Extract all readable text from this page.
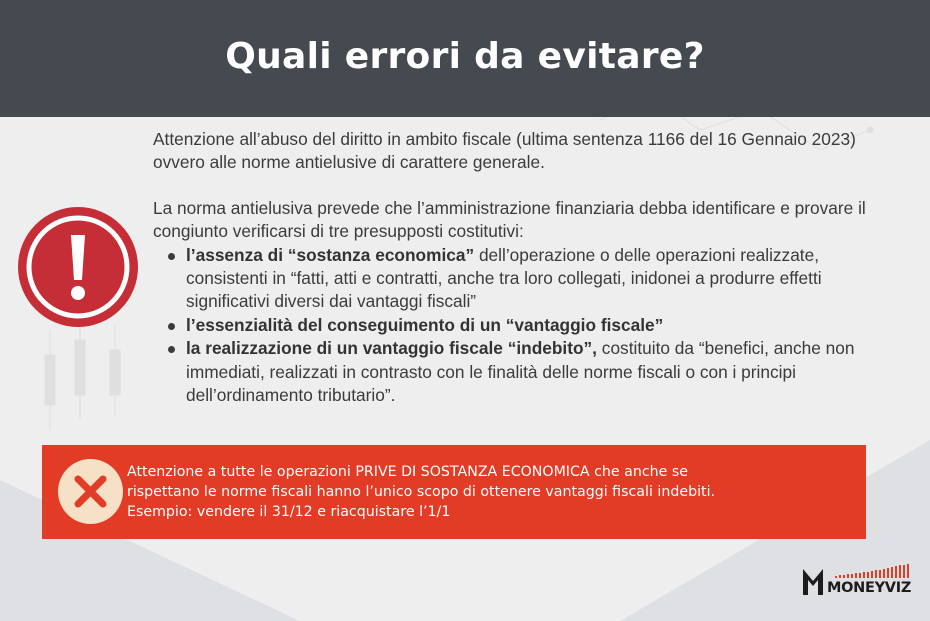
Quali errori da evitare?

Attenzione all’abuso del diritto in ambito fiscale (ultima sentenza 1166 del 16 Gennaio 2023) ovvero alle norme antielusive di carattere generale.

La norma antielusiva prevede che l’amministrazione finanziaria debba identificare e provare il congiunto verificarsi di tre presupposti costitutivi:

l’assenza di “sostanza economica” dell’operazione o delle operazioni realizzate, consistenti in “fatti, atti e contratti, anche tra loro collegati, inidonei a produrre effetti significativi diversi dai vantaggi fiscali”
l’essenzialità del conseguimento di un “vantaggio fiscale”
la realizzazione di un vantaggio fiscale “indebito”, costituito da “benefici, anche non immediati, realizzati in contrasto con le finalità delle norme fiscali o con i principi dell’ordinamento tributario”.
Attenzione a tutte le operazioni PRIVE DI SOSTANZA ECONOMICA che anche se
rispettano le norme fiscali hanno l’unico scopo di ottenere vantaggi fiscali indebiti.
Esempio: vendere il 31/12 e riacquistare l’1/1
MONEYVIZ
